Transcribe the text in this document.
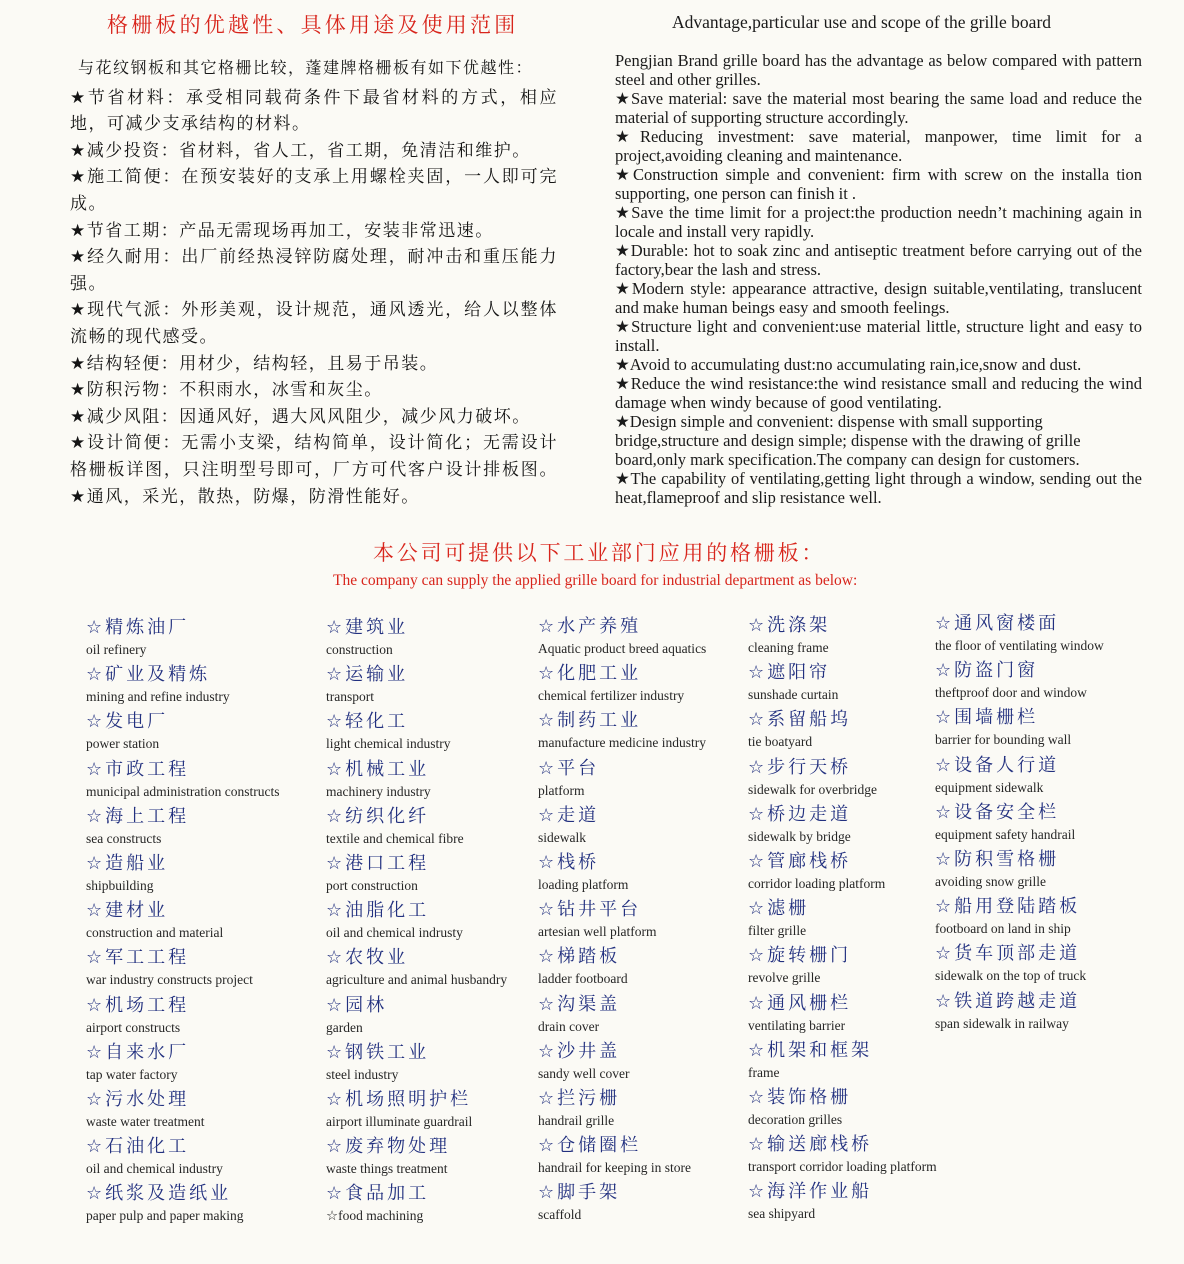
格栅板的优越性、具体用途及使用范围
与花纹钢板和其它格栅比较，蓬建牌格栅板有如下优越性：
★节省材料：承受相同载荷条件下最省材料的方式，相应
地，可减少支承结构的材料。
★减少投资：省材料，省人工，省工期，免清洁和维护。
★施工简便：在预安装好的支承上用螺栓夹固，一人即可完
成。
★节省工期：产品无需现场再加工，安装非常迅速。
★经久耐用：出厂前经热浸锌防腐处理，耐冲击和重压能力
强。
★现代气派：外形美观，设计规范，通风透光，给人以整体
流畅的现代感受。
★结构轻便：用材少，结构轻，且易于吊装。
★防积污物：不积雨水，冰雪和灰尘。
★减少风阻：因通风好，遇大风风阻少，减少风力破坏。
★设计简便：无需小支梁，结构简单，设计简化；无需设计
格栅板详图，只注明型号即可，厂方可代客户设计排板图。
★通风，采光，散热，防爆，防滑性能好。
Advantage,particular use and scope of the grille board
Pengjian Brand grille board has the advantage as below compared with pattern
steel and other grilles.
★Save material: save the material most bearing the same load and reduce the
material of supporting structure accordingly.
★Reducing investment: save material, manpower, time limit for a
project,avoiding cleaning and maintenance.
★Construction simple and convenient: firm with screw on the installa tion
supporting, one person can finish it .
★Save the time limit for a project:the production needn’t machining again in
locale and install very rapidly.
★Durable: hot to soak zinc and antiseptic treatment before carrying out of the
factory,bear the lash and stress.
★Modern style: appearance attractive, design suitable,ventilating, translucent
and make human beings easy and smooth feelings.
★Structure light and convenient:use material little, structure light and easy to
install.
★Avoid to accumulating dust:no accumulating rain,ice,snow and dust.
★Reduce the wind resistance:the wind resistance small and reducing the wind
damage when windy because of good ventilating.
★Design simple and convenient: dispense with small supporting
bridge,structure and design simple; dispense with the drawing of grille
board,only mark specification.The company can design for customers.
★The capability of ventilating,getting light through a window, sending out the
heat,flameproof and slip resistance well.
本公司可提供以下工业部门应用的格栅板：
The company can supply the applied grille board for industrial department as below:
☆精炼油厂
oil refinery
☆矿业及精炼
mining and refine industry
☆发电厂
power station
☆市政工程
municipal administration constructs
☆海上工程
sea constructs
☆造船业
shipbuilding
☆建材业
construction and material
☆军工工程
war industry constructs project
☆机场工程
airport constructs
☆自来水厂
tap water factory
☆污水处理
waste water treatment
☆石油化工
oil and chemical industry
☆纸浆及造纸业
paper pulp and paper making
☆建筑业
construction
☆运输业
transport
☆轻化工
light chemical industry
☆机械工业
machinery industry
☆纺织化纤
textile and chemical fibre
☆港口工程
port construction
☆油脂化工
oil and chemical indrusty
☆农牧业
agriculture and animal husbandry
☆园林
garden
☆钢铁工业
steel industry
☆机场照明护栏
airport illuminate guardrail
☆废弃物处理
waste things treatment
☆食品加工
☆food machining
☆水产养殖
Aquatic product breed aquatics
☆化肥工业
chemical fertilizer industry
☆制药工业
manufacture medicine industry
☆平台
platform
☆走道
sidewalk
☆栈桥
loading platform
☆钻井平台
artesian well platform
☆梯踏板
ladder footboard
☆沟渠盖
drain cover
☆沙井盖
sandy well cover
☆拦污栅
handrail grille
☆仓储圈栏
handrail for keeping in store
☆脚手架
scaffold
☆洗涤架
cleaning frame
☆遮阳帘
sunshade curtain
☆系留船坞
tie boatyard
☆步行天桥
sidewalk for overbridge
☆桥边走道
sidewalk by bridge
☆管廊栈桥
corridor loading platform
☆滤栅
filter grille
☆旋转栅门
revolve grille
☆通风栅栏
ventilating barrier
☆机架和框架
frame
☆装饰格栅
decoration grilles
☆输送廊栈桥
transport corridor loading platform
☆海洋作业船
sea shipyard
☆通风窗楼面
the floor of ventilating window
☆防盗门窗
theftproof door and window
☆围墙栅栏
barrier for bounding wall
☆设备人行道
equipment sidewalk
☆设备安全栏
equipment safety handrail
☆防积雪格栅
avoiding snow grille
☆船用登陆踏板
footboard on land in ship
☆货车顶部走道
sidewalk on the top of truck
☆铁道跨越走道
span sidewalk in railway
